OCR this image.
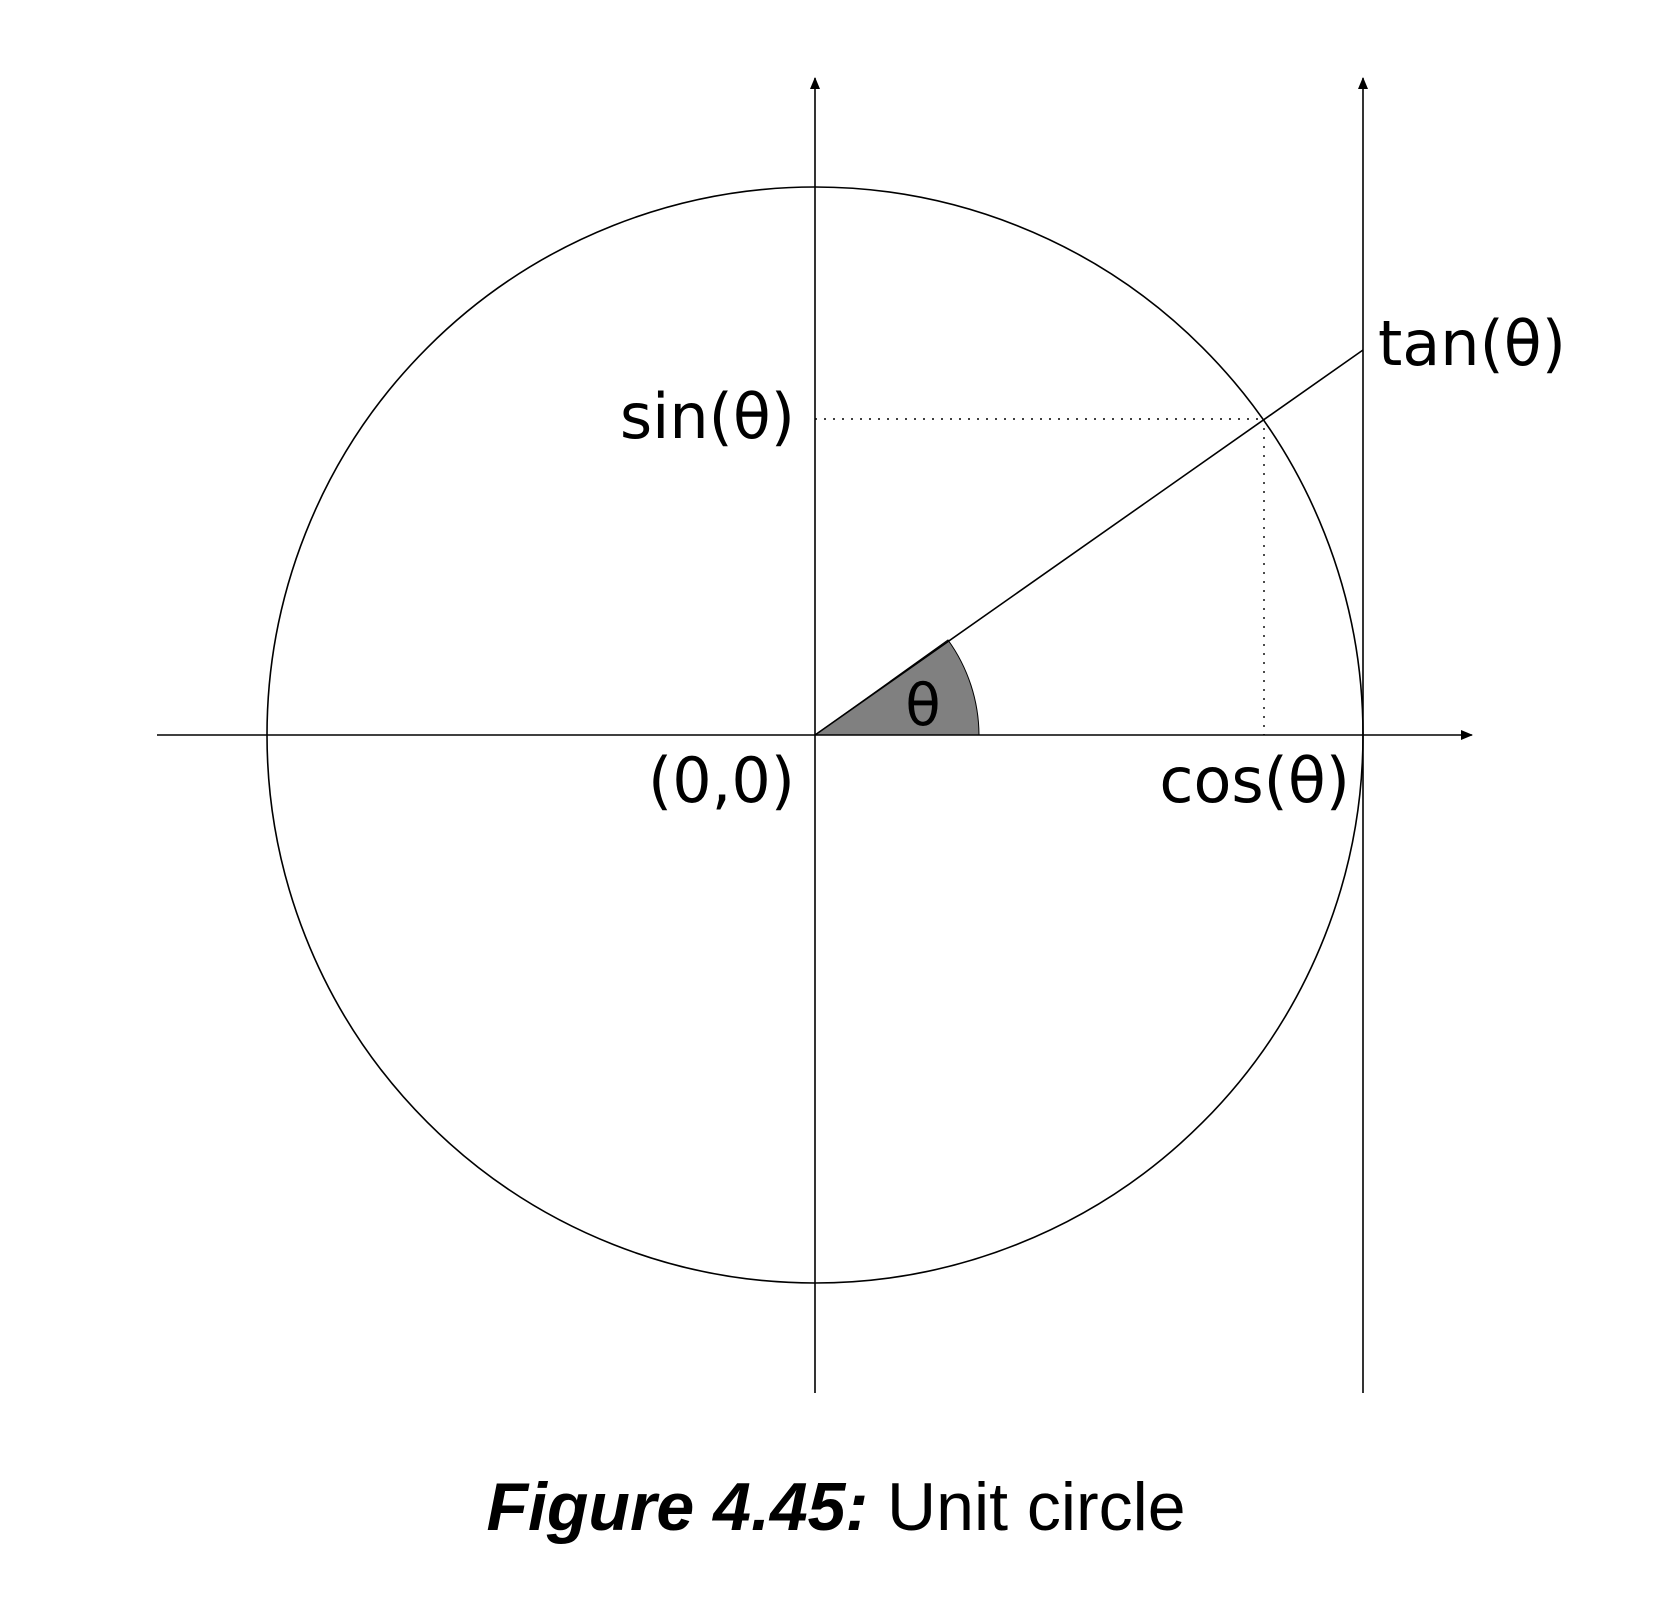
sin(θ)
tan(θ)
(0,0)	cos(θ)
θ
Figure 4.45: Unit circle
